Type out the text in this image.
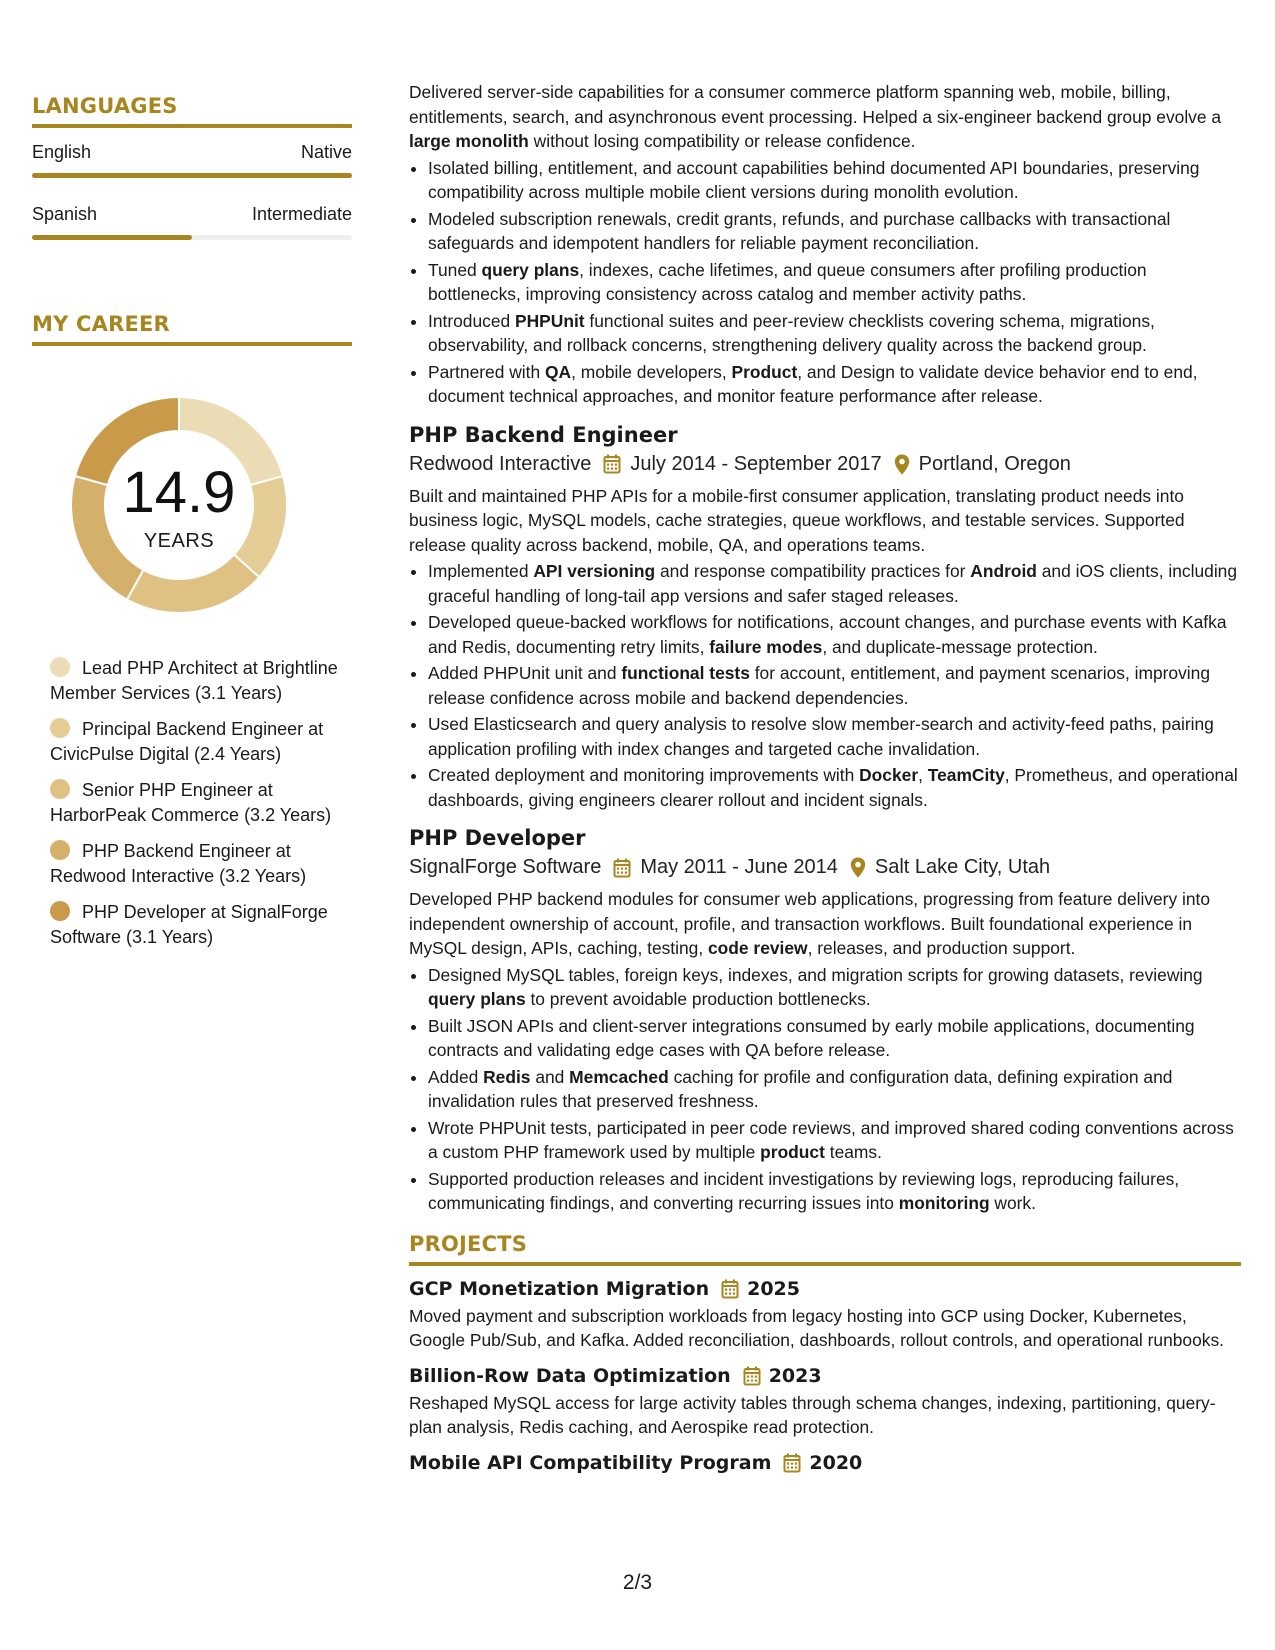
LANGUAGES
English	Native
Spanish	Intermediate
MY CAREER
14.9
YEARS
Lead PHP Architect at Brightline Member Services (3.1 Years)
Principal Backend Engineer at CivicPulse Digital (2.4 Years)
Senior PHP Engineer at HarborPeak Commerce (3.2 Years)
PHP Backend Engineer at Redwood Interactive (3.2 Years)
PHP Developer at SignalForge Software (3.1 Years)

Delivered server-side capabilities for a consumer commerce platform spanning web, mobile, billing, entitlements, search, and asynchronous event processing. Helped a six-engineer backend group evolve a large monolith without losing compatibility or release confidence.

• Isolated billing, entitlement, and account capabilities behind documented API boundaries, preserving compatibility across multiple mobile client versions during monolith evolution.
• Modeled subscription renewals, credit grants, refunds, and purchase callbacks with transactional safeguards and idempotent handlers for reliable payment reconciliation.
• Tuned query plans, indexes, cache lifetimes, and queue consumers after profiling production bottlenecks, improving consistency across catalog and member activity paths.
• Introduced PHPUnit functional suites and peer-review checklists covering schema, migrations, observability, and rollback concerns, strengthening delivery quality across the backend group.
• Partnered with QA, mobile developers, Product, and Design to validate device behavior end to end, document technical approaches, and monitor feature performance after release.
PHP Backend Engineer
Redwood Interactive July 2014 - September 2017 Portland, Oregon

Built and maintained PHP APIs for a mobile-first consumer application, translating product needs into business logic, MySQL models, cache strategies, queue workflows, and testable services. Supported release quality across backend, mobile, QA, and operations teams.

• Implemented API versioning and response compatibility practices for Android and iOS clients, including graceful handling of long-tail app versions and safer staged releases.
• Developed queue-backed workflows for notifications, account changes, and purchase events with Kafka and Redis, documenting retry limits, failure modes, and duplicate-message protection.
• Added PHPUnit unit and functional tests for account, entitlement, and payment scenarios, improving release confidence across mobile and backend dependencies.
• Used Elasticsearch and query analysis to resolve slow member-search and activity-feed paths, pairing application profiling with index changes and targeted cache invalidation.
• Created deployment and monitoring improvements with Docker, TeamCity, Prometheus, and operational dashboards, giving engineers clearer rollout and incident signals.
PHP Developer
SignalForge Software May 2011 - June 2014 Salt Lake City, Utah

Developed PHP backend modules for consumer web applications, progressing from feature delivery into independent ownership of account, profile, and transaction workflows. Built foundational experience in MySQL design, APIs, caching, testing, code review, releases, and production support.

• Designed MySQL tables, foreign keys, indexes, and migration scripts for growing datasets, reviewing query plans to prevent avoidable production bottlenecks.
• Built JSON APIs and client-server integrations consumed by early mobile applications, documenting contracts and validating edge cases with QA before release.
• Added Redis and Memcached caching for profile and configuration data, defining expiration and invalidation rules that preserved freshness.
• Wrote PHPUnit tests, participated in peer code reviews, and improved shared coding conventions across a custom PHP framework used by multiple product teams.
• Supported production releases and incident investigations by reviewing logs, reproducing failures, communicating findings, and converting recurring issues into monitoring work.
PROJECTS
GCP Monetization Migration 2025

Moved payment and subscription workloads from legacy hosting into GCP using Docker, Kubernetes, Google Pub/Sub, and Kafka. Added reconciliation, dashboards, rollout controls, and operational runbooks.

Billion-Row Data Optimization 2023

Reshaped MySQL access for large activity tables through schema changes, indexing, partitioning, query-plan analysis, Redis caching, and Aerospike read protection.

Mobile API Compatibility Program 2020
2/3
